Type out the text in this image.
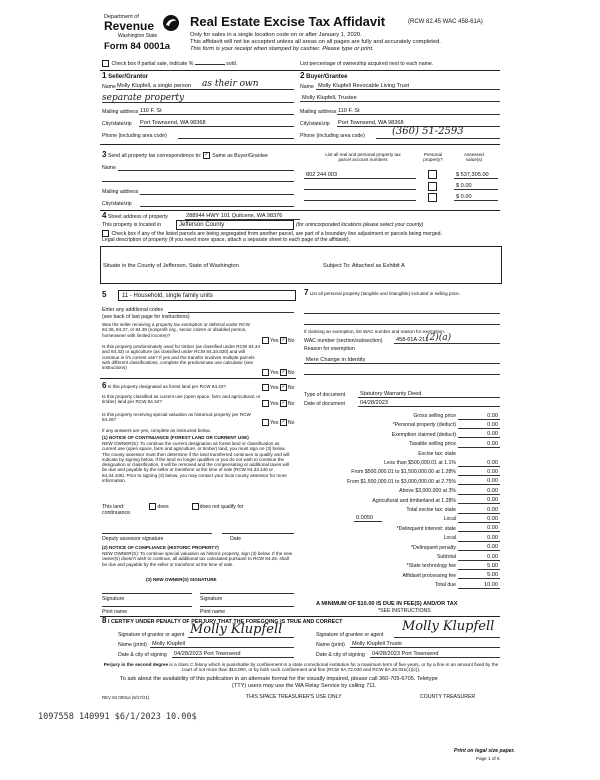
Department of
Revenue
Washington State
Form 84 0001a
Real Estate Excise Tax Affidavit	(RCW 82.45 WAC 458-61A)
Only for sales in a single location code on or after January 1, 2020.
This affidavit will not be accepted unless all areas on all pages are fully and accurately completed.
This form is your receipt when stamped by cashier. Please type or print.
Check box if partial sale, indicate %	sold.	List percentage of ownership acquired next to each name.
1 Seller/Grantor
Name Molly Klupfell, a single person as their own
separate property
Mailing address 110 F. St
City/state/zip Port Townsend, WA 98368
Phone (including area code)
2 Buyer/Grantee
Name Molly Klupfell Revocable Living Trust
Molly Klupfell, Trustee
Mailing address 110 F. St
City/state/zip Port Townsend, WA 98368
Phone (including area code)	(360) 51-2593
3 Send all property tax correspondence to: ✓ Same as Buyer/Grantee
Name
Mailing address
City/state/zip
List all real and personal property tax
parcel account numbers
Personal
property?
Assessed
value(s)
802 244 003	$ 537,305.00
$ 0.00
$ 0.00
4 Street address of property	288944 HWY 101 Quilcene, WA 98376
This property is located in	Jefferson County	(for unincorporated locations please select your county)
Check box if any of the listed parcels are being segregated from another parcel, are part of a boundary line adjustment or parcels being merged.
Legal description of property (if you need more space, attach a separate sheet to each page of the affidavit).
Situate in the County of Jefferson, State of Washington	Subject To: Attached as Exhibit A
5	11 - Household, single family units
Enter any additional codes
(see back of last page for instructions)
Was the seller receiving a property tax exemption or deferral under RCW 84.36, 84.37, or 84.38 (nonprofit org., senior citizen or disabled person, homeowner with limited income)?
Yes ✓ No
Is this property predominately used for timber (as classified under RCW 84.34 and 84.33) or agriculture (as classified under RCW 84.34.020) and will continue in it's current use? If yes and the transfer involves multiple parcels with different classifications, complete the predominate use calculator (see instructions)
Yes ✓ No
6 Is this property designated as forest land per RCW 84.33?	Yes ✓ No
Is this property classified as current use (open space, farm and agricultural, or timber) land per RCW 84.34?	Yes ✓ No
Is this property receiving special valuation as historical property per RCW 84.26?
Yes ✓ No
If any answers are yes, complete as instructed below.
(1) NOTICE OF CONTINUANCE (FOREST LAND OR CURRENT USE)
NEW OWNER(S): To continue the current designation as forest land or classification as current use (open space, farm and agriculture, or timber) land, you must sign on (3) below. The county assessor must then determine if the land transferred continues to qualify and will indicate by signing below. If the land no longer qualifies or you do not wish to continue the designation or classification, it will be removed and the compensating or additional taxes will be due and payable by the seller or transferor at the time of sale (RCW 84.33.140 or 84.34.108). Prior to signing (3) below, you may contact your local county assessor for more information.
This land:	does	does not qualify for
continuance.
Deputy assessor signature	Date
(2) NOTICE OF COMPLIANCE (HISTORIC PROPERTY)
NEW OWNER(S): To continue special valuation as historic property, sign (3) below. If the new owner(s) doesn't wish to continue, all additional tax calculated pursuant to RCW 84.26, shall be due and payable by the seller or transferor at the time of sale.
(3) NEW OWNER(S) SIGNATURE
Signature	Signature
Print name	Print name
7 List all personal property (tangible and intangible) included in selling price.
If claiming an exemption, list WAC number and reason for exemption.
WAC number (section/subsection) 458-61A-211
(2)(a)
Reason for exemption
Mere Change in Identity
Type of document	Statutory Warranty Deed
Date of document	04/28/2023
Gross selling price	0.00
*Personal property (deduct)	0.00
Exemption claimed (deduct)	0.00
Taxable selling price	0.00
Excise tax: state
Less than $500,000.01 at 1.1%	0.00
From $500,000.01 to $1,500,000.00 at 1.28%	0.00
From $1,500,000.01 to $3,000,000.00 at 2.75%	0.00
Above $3,000,000 at 3%	0.00
Agricultural and timberland at 1.28%	0.00
Total excise tax: state	0.00
Local
0.0050	0.00
*Delinquent interest: state	0.00
Local	0.00
*Delinquent penalty	0.00
Subtotal	0.00
*State technology fee	5.00
Affidavit processing fee	5.00
Total due	10.00
A MINIMUM OF $10.00 IS DUE IN FEE(S) AND/OR TAX
*SEE INSTRUCTIONS
8 I CERTIFY UNDER PENALTY OF PERJURY THAT THE FOREGOING IS TRUE AND CORRECT
Signature of grantor or agent Molly Klupfell
Name (print) Molly Klupfell
Date & city of signing 04/28/2023 Port Townsend
Signature of grantee or agent
Molly Klupfell
Name (print) Molly Klupfell Truste
Date & city of signing 04/28/2023 Port Townsend
Perjury in the second degree is a class C felony which is punishable by confinement in a state correctional institution for a maximum term of five years, or by a fine in an amount fixed by the court of not more than $10,000, or by both such confinement and fine (RCW 9A.72.030 and RCW 9A.20.021(1)(c)).
To ask about the availability of this publication in an alternate format for the visually impaired, please call 360-705-6705. Teletype
(TTY) users may use the WA Relay Service by calling 711.
REV 84 0001a (9/17/21)	THIS SPACE TREASURER'S USE ONLY	COUNTY TREASURER
1097558 140991 $6/1/2023 10.00$
Print on legal size paper.
Page 1 of 6
